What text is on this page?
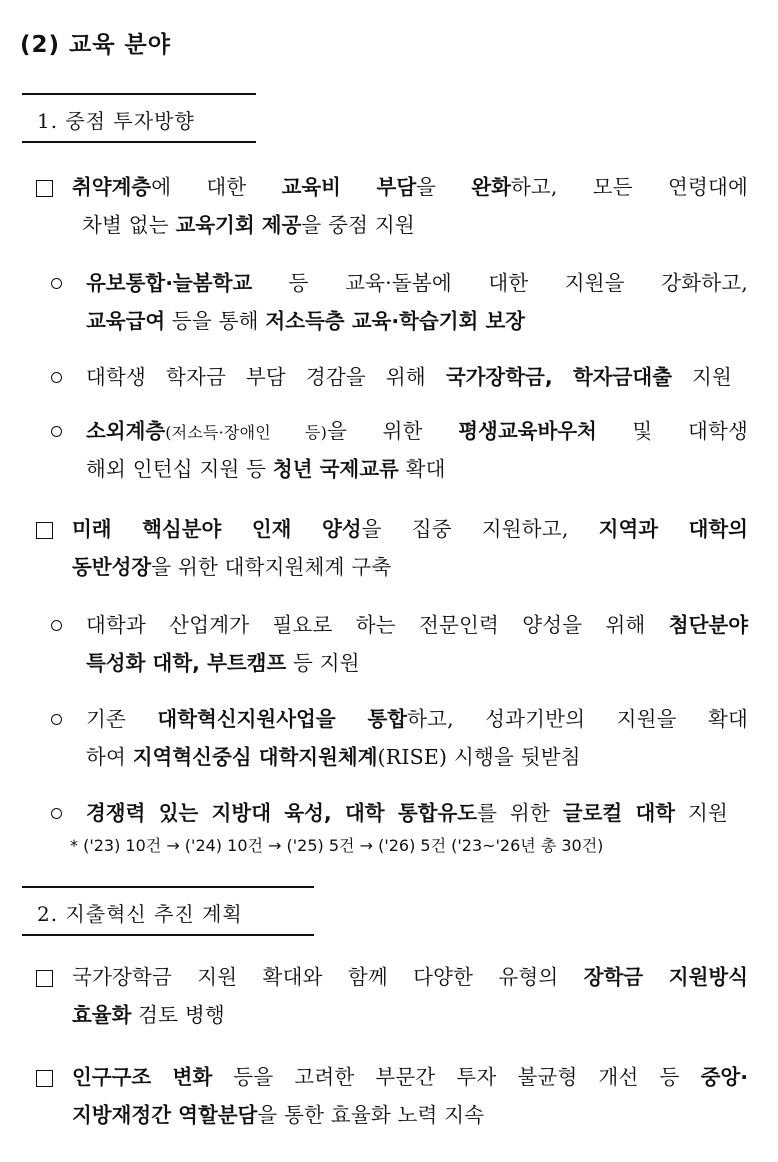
(2) 교육 분야
1. 중점 투자방향
취약계층에 대한 교육비 부담을 완화하고, 모든 연령대에
차별 없는 교육기회 제공을 중점 지원
유보통합·늘봄학교 등 교육·돌봄에 대한 지원을 강화하고,
교육급여 등을 통해 저소득층 교육·학습기회 보장
대학생 학자금 부담 경감을 위해 국가장학금, 학자금대출 지원
소외계층(저소득·장애인 등)을 위한 평생교육바우처 및 대학생
해외 인턴십 지원 등 청년 국제교류 확대
미래 핵심분야 인재 양성을 집중 지원하고, 지역과 대학의
동반성장을 위한 대학지원체계 구축
대학과 산업계가 필요로 하는 전문인력 양성을 위해 첨단분야
특성화 대학, 부트캠프 등 지원
기존 대학혁신지원사업을 통합하고, 성과기반의 지원을 확대
하여 지역혁신중심 대학지원체계(RISE) 시행을 뒷받침
경쟁력 있는 지방대 육성, 대학 통합유도를 위한 글로컬 대학 지원
* ('23) 10건 → ('24) 10건 → ('25) 5건 → ('26) 5건 ('23~'26년 총 30건)
2. 지출혁신 추진 계획
국가장학금 지원 확대와 함께 다양한 유형의 장학금 지원방식
효율화 검토 병행
인구구조 변화 등을 고려한 부문간 투자 불균형 개선 등 중앙·
지방재정간 역할분담을 통한 효율화 노력 지속
